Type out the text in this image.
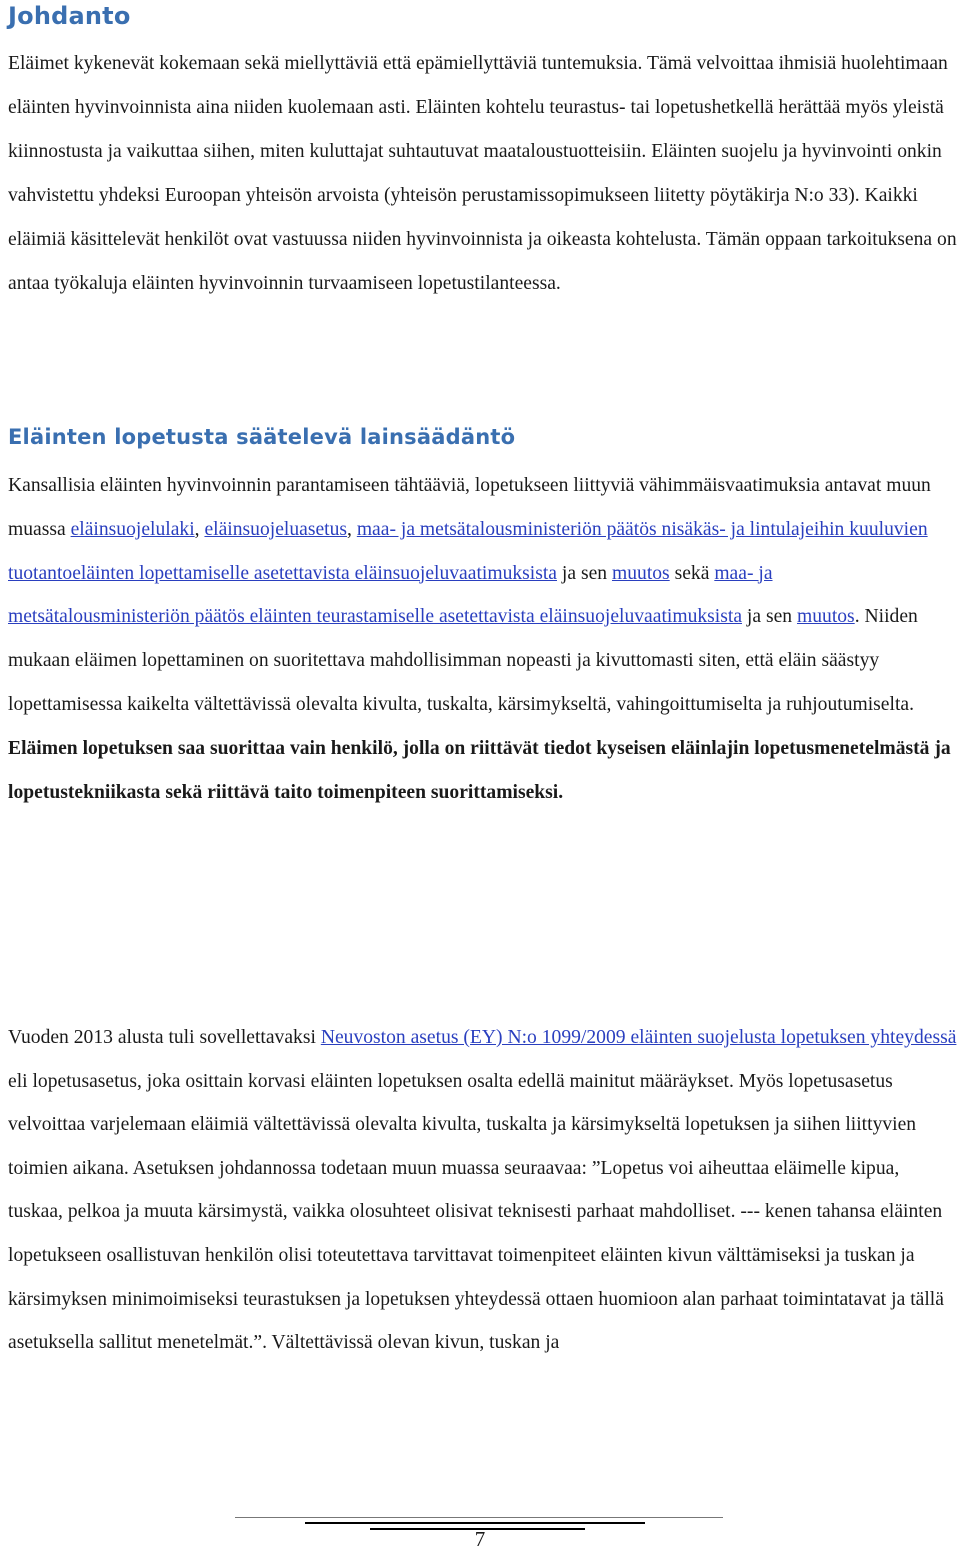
Johdanto

Eläimet kykenevät kokemaan sekä miellyttäviä että epämiellyttäviä tuntemuksia. Tämä velvoittaa ihmisiä huolehtimaan eläinten hyvinvoinnista aina niiden kuolemaan asti. Eläinten kohtelu teurastus- tai lopetushetkellä herättää myös yleistä kiinnostusta ja vaikuttaa siihen, miten kuluttajat suhtautuvat maataloustuotteisiin. Eläinten suojelu ja hyvinvointi onkin vahvistettu yhdeksi Euroopan yhteisön arvoista (yhteisön perustamissopimukseen liitetty pöytäkirja N:o 33). Kaikki eläimiä käsittelevät henkilöt ovat vastuussa niiden hyvinvoinnista ja oikeasta kohtelusta. Tämän oppaan tarkoituksena on antaa työkaluja eläinten hyvinvoinnin turvaamiseen lopetustilanteessa.

Eläinten lopetusta säätelevä lainsäädäntö

Kansallisia eläinten hyvinvoinnin parantamiseen tähtääviä, lopetukseen liittyviä vähimmäisvaatimuksia antavat muun muassa eläinsuojelulaki, eläinsuojeluasetus, maa- ja metsätalousministeriön päätös nisäkäs- ja lintulajeihin kuuluvien tuotantoeläinten lopettamiselle asetettavista eläinsuojeluvaatimuksista ja sen muutos sekä maa- ja metsätalousministeriön päätös eläinten teurastamiselle asetettavista eläinsuojeluvaatimuksista ja sen muutos. Niiden mukaan eläimen lopettaminen on suoritettava mahdollisimman nopeasti ja kivuttomasti siten, että eläin säästyy lopettamisessa kaikelta vältettävissä olevalta kivulta, tuskalta, kärsimykseltä, vahingoittumiselta ja ruhjoutumiselta. Eläimen lopetuksen saa suorittaa vain henkilö, jolla on riittävät tiedot kyseisen eläinlajin lopetusmenetelmästä ja lopetustekniikasta sekä riittävä taito toimenpiteen suorittamiseksi.

Vuoden 2013 alusta tuli sovellettavaksi Neuvoston asetus (EY) N:o 1099/2009 eläinten suojelusta lopetuksen yhteydessä eli lopetusasetus, joka osittain korvasi eläinten lopetuksen osalta edellä mainitut määräykset. Myös lopetusasetus velvoittaa varjelemaan eläimiä vältettävissä olevalta kivulta, tuskalta ja kärsimykseltä lopetuksen ja siihen liittyvien toimien aikana. Asetuksen johdannossa todetaan muun muassa seuraavaa: ”Lopetus voi aiheuttaa eläimelle kipua, tuskaa, pelkoa ja muuta kärsimystä, vaikka olosuhteet olisivat teknisesti parhaat mahdolliset. --- kenen tahansa eläinten lopetukseen osallistuvan henkilön olisi toteutettava tarvittavat toimenpiteet eläinten kivun välttämiseksi ja tuskan ja kärsimyksen minimoimiseksi teurastuksen ja lopetuksen yhteydessä ottaen huomioon alan parhaat toimintatavat ja tällä asetuksella sallitut menetelmät.”. Vältettävissä olevan kivun, tuskan ja

7
